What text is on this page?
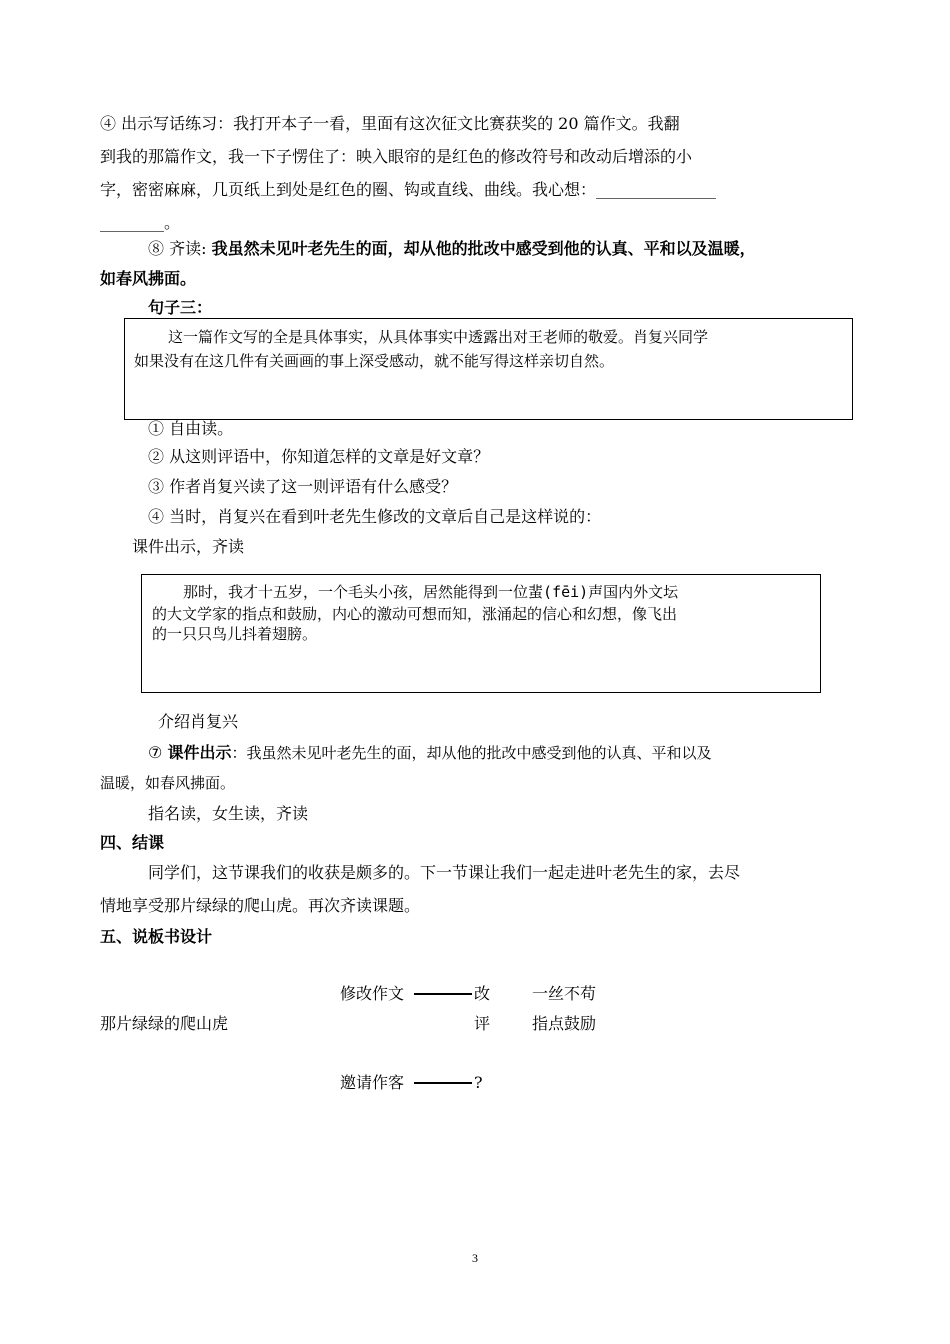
④ 出示写话练习：我打开本子一看，里面有这次征文比赛获奖的 20 篇作文。我翻
到我的那篇作文，我一下子愣住了：映入眼帘的是红色的修改符号和改动后增添的小
字，密密麻麻，几页纸上到处是红色的圈、钩或直线、曲线。我心想：_______________
________。
⑧ 齐读: 我虽然未见叶老先生的面，却从他的批改中感受到他的认真、平和以及温暖，
如春风拂面。
句子三：
这一篇作文写的全是具体事实，从具体事实中透露出对王老师的敬爱。肖复兴同学
如果没有在这几件有关画画的事上深受感动，就不能写得这样亲切自然。
① 自由读。
② 从这则评语中，你知道怎样的文章是好文章？
③ 作者肖复兴读了这一则评语有什么感受？
④ 当时，肖复兴在看到叶老先生修改的文章后自己是这样说的：
课件出示，齐读
那时，我才十五岁，一个毛头小孩，居然能得到一位蜚(fēi)声国内外文坛
的大文学家的指点和鼓励，内心的激动可想而知，涨涌起的信心和幻想，像飞出
的一只只鸟儿抖着翅膀。
介绍肖复兴
⑦ 课件出示：我虽然未见叶老先生的面，却从他的批改中感受到他的认真、平和以及
温暖，如春风拂面。
指名读，女生读，齐读
四、结课
同学们，这节课我们的收获是颇多的。下一节课让我们一起走进叶老先生的家，去尽
情地享受那片绿绿的爬山虎。再次齐读课题。
五、说板书设计
修改作文	改	一丝不苟
那片绿绿的爬山虎	评	指点鼓励
邀请作客	?
3
